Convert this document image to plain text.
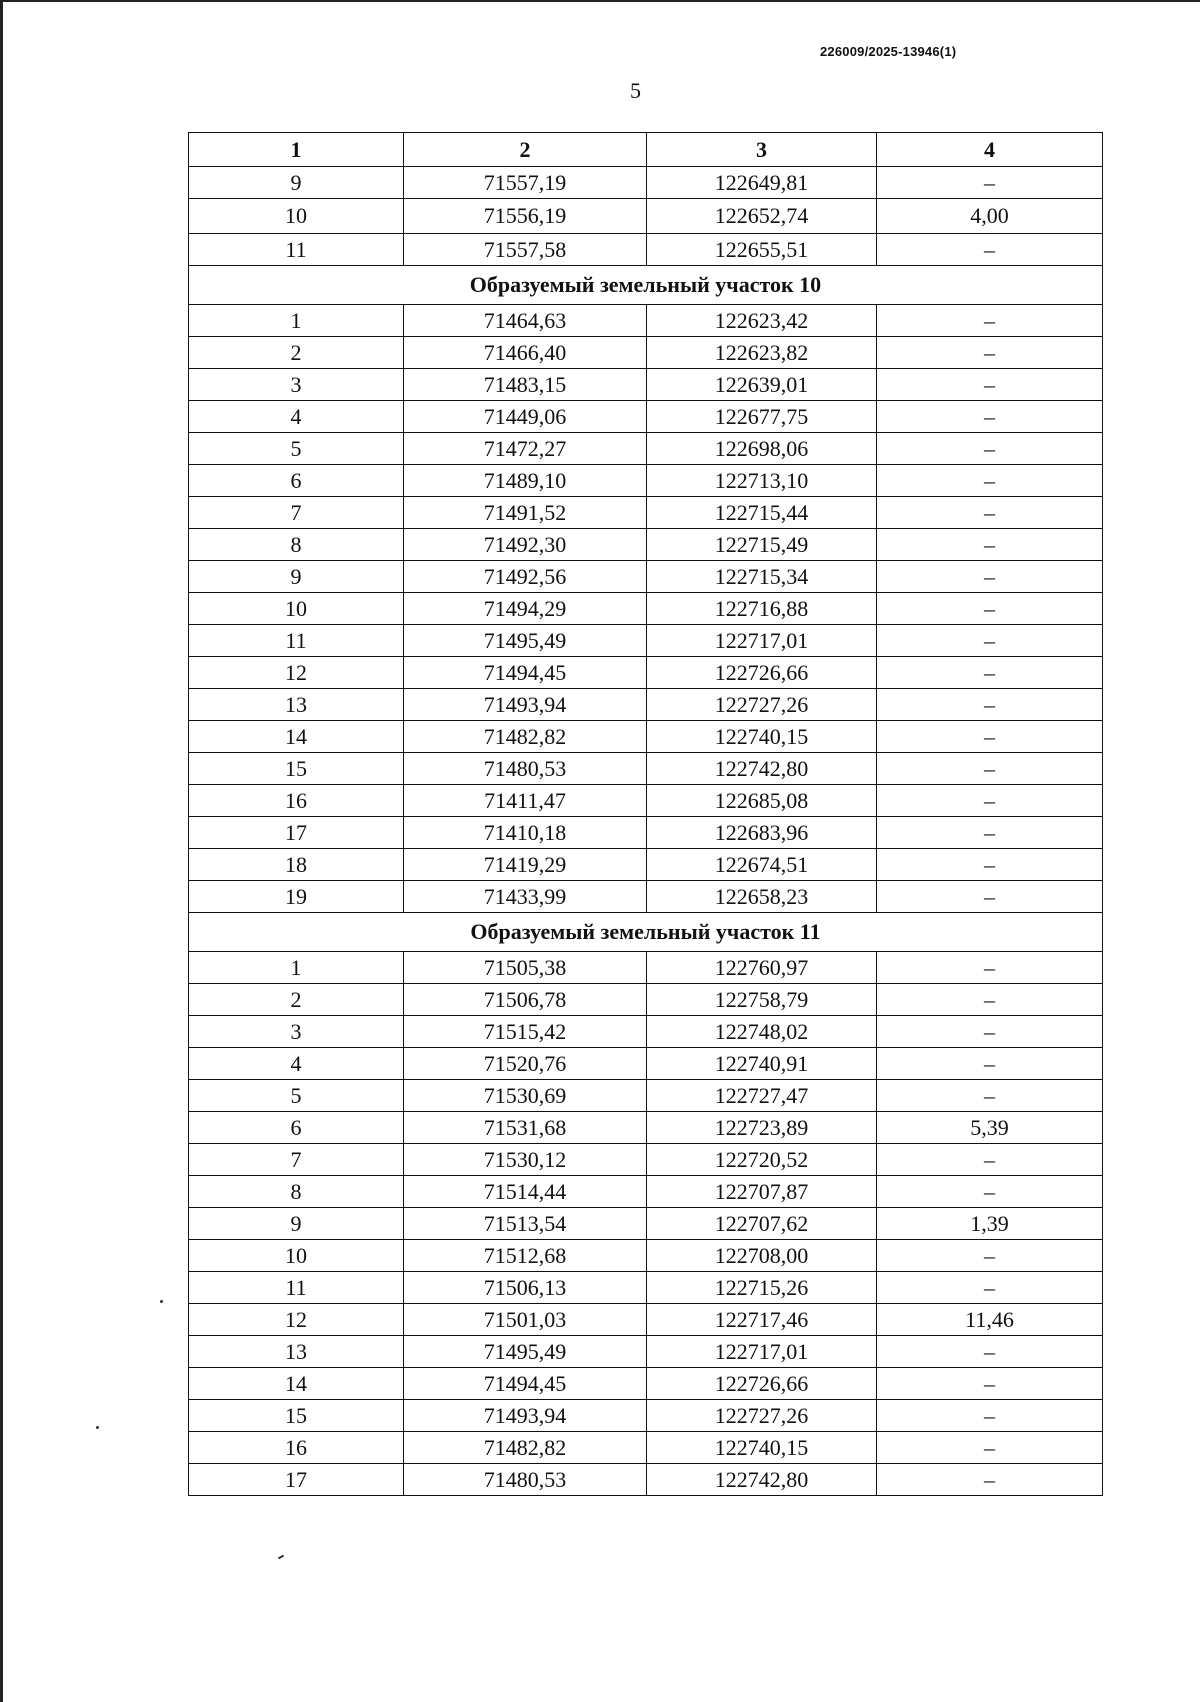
226009/2025-13946(1)
5
1	2	3	4
9	71557,19	122649,81	–
10	71556,19	122652,74	4,00
11	71557,58	122655,51	–
Образуемый земельный участок 10			
1	71464,63	122623,42	–
2	71466,40	122623,82	–
3	71483,15	122639,01	–
4	71449,06	122677,75	–
5	71472,27	122698,06	–
6	71489,10	122713,10	–
7	71491,52	122715,44	–
8	71492,30	122715,49	–
9	71492,56	122715,34	–
10	71494,29	122716,88	–
11	71495,49	122717,01	–
12	71494,45	122726,66	–
13	71493,94	122727,26	–
14	71482,82	122740,15	–
15	71480,53	122742,80	–
16	71411,47	122685,08	–
17	71410,18	122683,96	–
18	71419,29	122674,51	–
19	71433,99	122658,23	–
Образуемый земельный участок 11			
1	71505,38	122760,97	–
2	71506,78	122758,79	–
3	71515,42	122748,02	–
4	71520,76	122740,91	–
5	71530,69	122727,47	–
6	71531,68	122723,89	5,39
7	71530,12	122720,52	–
8	71514,44	122707,87	–
9	71513,54	122707,62	1,39
10	71512,68	122708,00	–
11	71506,13	122715,26	–
12	71501,03	122717,46	11,46
13	71495,49	122717,01	–
14	71494,45	122726,66	–
15	71493,94	122727,26	–
16	71482,82	122740,15	–
17	71480,53	122742,80	–
